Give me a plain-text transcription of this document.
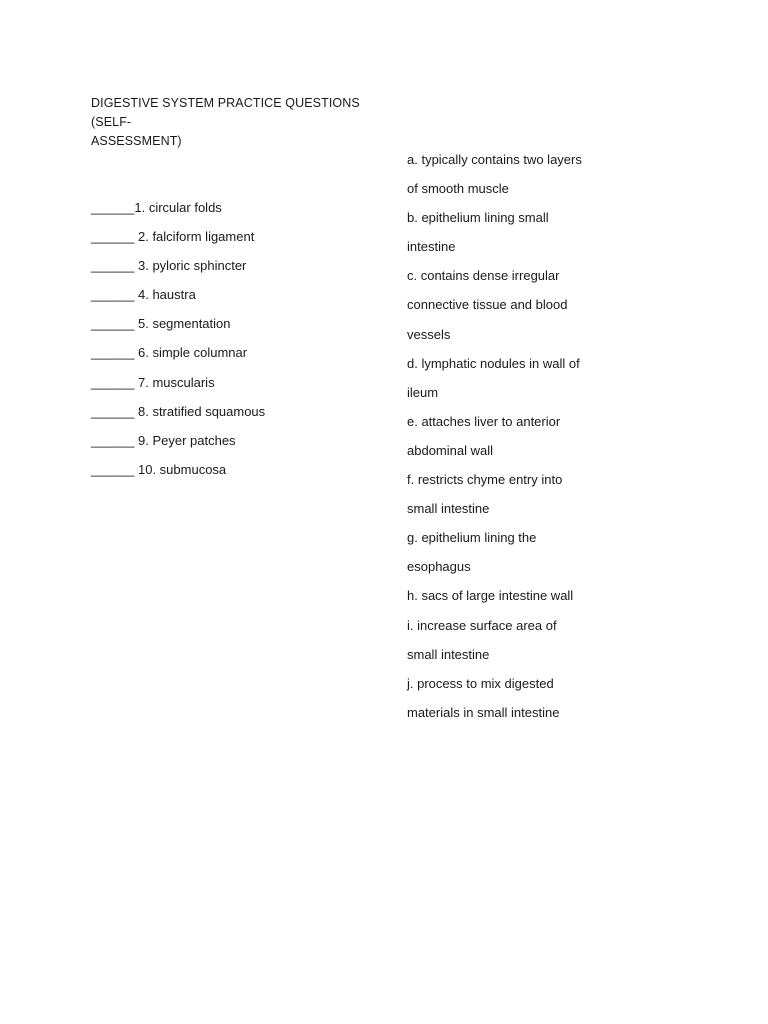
DIGESTIVE SYSTEM PRACTICE QUESTIONS (SELF-
ASSESSMENT)
______1. circular folds
______ 2. falciform ligament
______ 3. pyloric sphincter
______ 4. haustra
______ 5. segmentation
______ 6. simple columnar
______ 7. muscularis
______ 8. stratified squamous
______ 9. Peyer patches
______ 10. submucosa
a. typically contains two layers
of smooth muscle
b. epithelium lining small
intestine
c. contains dense irregular
connective tissue and blood
vessels
d. lymphatic nodules in wall of
ileum
e. attaches liver to anterior
abdominal wall
f. restricts chyme entry into
small intestine
g. epithelium lining the
esophagus
h. sacs of large intestine wall
i. increase surface area of
small intestine
j. process to mix digested
materials in small intestine
